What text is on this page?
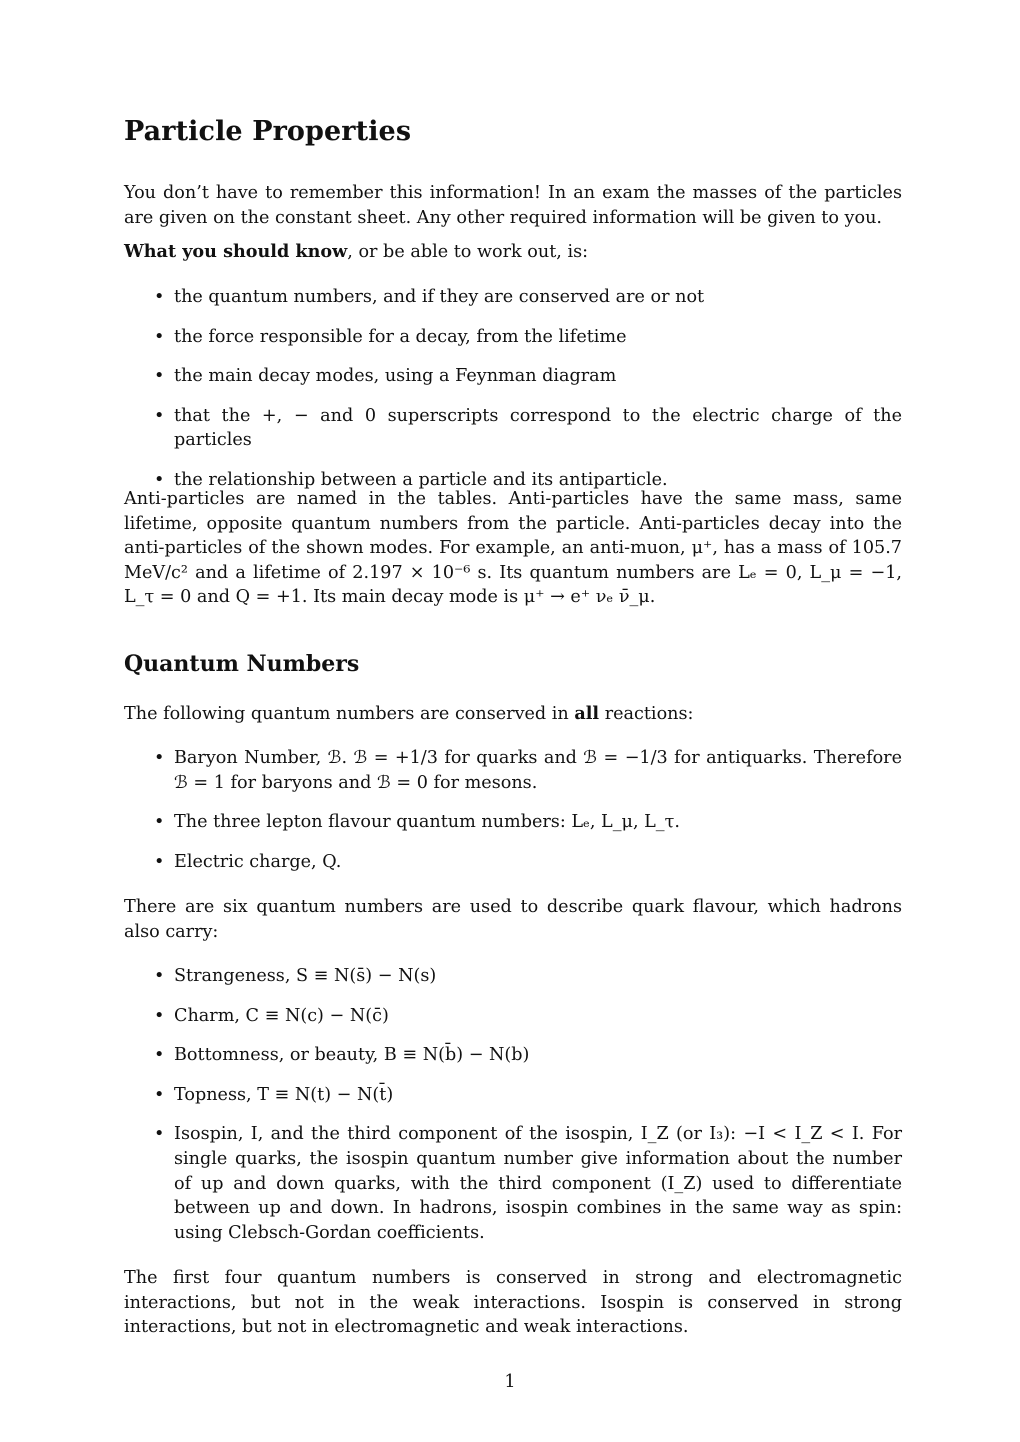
Particle Properties

You don’t have to remember this information! In an exam the masses of the particles are given on the constant sheet. Any other required information will be given to you.

What you should know, or be able to work out, is:

• the quantum numbers, and if they are conserved are or not
• the force responsible for a decay, from the lifetime
• the main decay modes, using a Feynman diagram
• that the +, − and 0 superscripts correspond to the electric charge of the particles
• the relationship between a particle and its antiparticle.

Anti-particles are named in the tables. Anti-particles have the same mass, same lifetime, opposite quantum numbers from the particle. Anti-particles decay into the anti-particles of the shown modes. For example, an anti-muon, μ⁺, has a mass of 105.7 MeV/c² and a lifetime of 2.197 × 10⁻⁶ s. Its quantum numbers are Lₑ = 0, L_μ = −1, L_τ = 0 and Q = +1. Its main decay mode is μ⁺ → e⁺ νₑ ν̄_μ.

Quantum Numbers

The following quantum numbers are conserved in all reactions:

• Baryon Number, ℬ. ℬ = +1/3 for quarks and ℬ = −1/3 for antiquarks. Therefore ℬ = 1 for baryons and ℬ = 0 for mesons.
• The three lepton flavour quantum numbers: Lₑ, L_μ, L_τ.
• Electric charge, Q.

There are six quantum numbers are used to describe quark flavour, which hadrons also carry:

• Strangeness, S ≡ N(s̄) − N(s)
• Charm, C ≡ N(c) − N(c̄)
• Bottomness, or beauty, B ≡ N(b̄) − N(b)
• Topness, T ≡ N(t) − N(t̄)
• Isospin, I, and the third component of the isospin, I_Z (or I₃): −I < I_Z < I. For single quarks, the isospin quantum number give information about the number of up and down quarks, with the third component (I_Z) used to differentiate between up and down. In hadrons, isospin combines in the same way as spin: using Clebsch-Gordan coefficients.

The first four quantum numbers is conserved in strong and electromagnetic interactions, but not in the weak interactions. Isospin is conserved in strong interactions, but not in electromagnetic and weak interactions.

1
